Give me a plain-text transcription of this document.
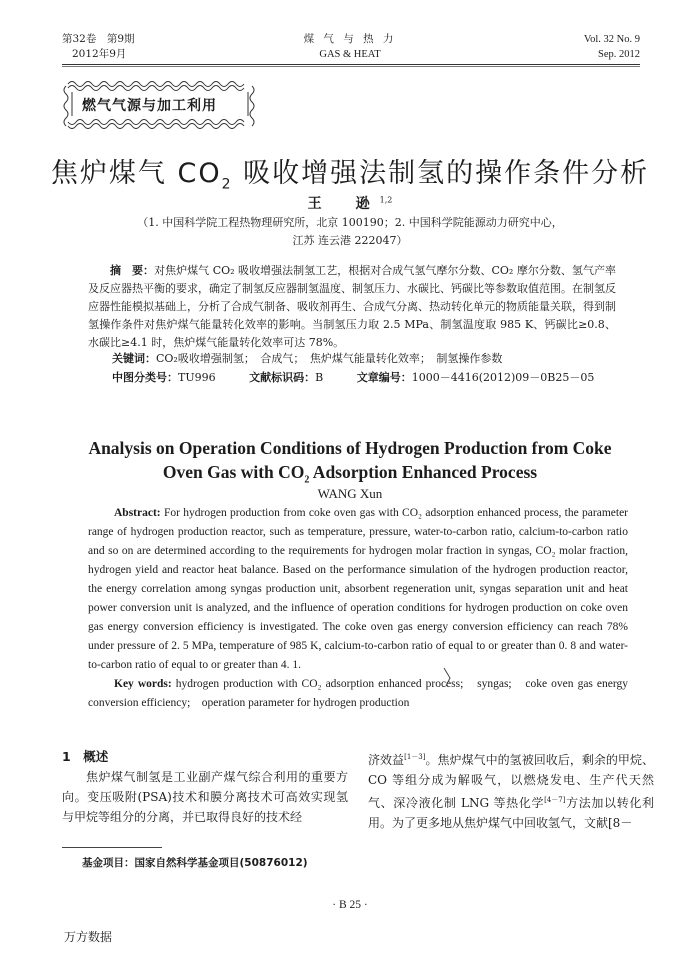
第32卷　第9期
2012年9月
煤 气 与 热 力
GAS & HEAT
Vol. 32 No. 9
Sep. 2012
燃气气源与加工利用
焦炉煤气 $CO_2$ 吸收增强法制氢的操作条件分析
王　逊$^{1,2}$
（1. 中国科学院工程热物理研究所，北京 100190；2. 中国科学院能源动力研究中心，
江苏 连云港 222047）
摘　要：对焦炉煤气 CO₂ 吸收增强法制氢工艺，根据对合成气氢气摩尔分数、CO₂ 摩尔分数、氢气产率及反应器热平衡的要求，确定了制氢反应器制氢温度、制氢压力、水碳比、钙碳比等参数取值范围。在制氢反应器性能模拟基础上，分析了合成气制备、吸收剂再生、合成气分离、热动转化单元的物质能量关联，得到制氢操作条件对焦炉煤气能量转化效率的影响。当制氢压力取 2.5 MPa、制氢温度取 985 K、钙碳比≥0.8、水碳比≥4.1 时，焦炉煤气能量转化效率可达 78%。
关键词：CO₂吸收增强制氢；　合成气；　焦炉煤气能量转化效率；　制氢操作参数
中图分类号：TU996	文献标识码：B	文章编号：1000－4416(2012)09－0B25－05
Analysis on Operation Conditions of Hydrogen Production from Coke
Oven Gas with $CO_2$ Adsorption Enhanced Process
WANG Xun
Abstract: For hydrogen production from coke oven gas with CO₂ adsorption enhanced process, the parameter range of hydrogen production reactor, such as temperature, pressure, water-to-carbon ratio, calcium-to-carbon ratio and so on are determined according to the requirements for hydrogen molar fraction in syngas, CO₂ molar fraction, hydrogen yield and reactor heat balance. Based on the performance simulation of the hydrogen production reactor, the energy correlation among syngas production unit, absorbent regeneration unit, syngas separation unit and heat power conversion unit is analyzed, and the influence of operation conditions for hydrogen production on coke oven gas energy conversion efficiency is investigated. The coke oven gas energy conversion efficiency can reach 78% under pressure of 2. 5 MPa, temperature of 985 K, calcium-to-carbon ratio of equal to or greater than 0. 8 and water-to-carbon ratio of equal to or greater than 4. 1.
Key words: hydrogen production with CO₂ adsorption enhanced process;　syngas;　coke oven gas energy conversion efficiency;　operation parameter for hydrogen production
1　概述
焦炉煤气制氢是工业副产煤气综合利用的重要方向。变压吸附(PSA)技术和膜分离技术可高效实现氢与甲烷等组分的分离，并已取得良好的技术经
济效益[1－3]。焦炉煤气中的氢被回收后，剩余的甲烷、CO 等组分成为解吸气，以燃烧发电、生产代天然气、深冷液化制 LNG 等热化学[4－7]方法加以转化利用。为了更多地从焦炉煤气中回收氢气，文献[8－
基金项目：国家自然科学基金项目(50876012)
· B 25 ·
万方数据
